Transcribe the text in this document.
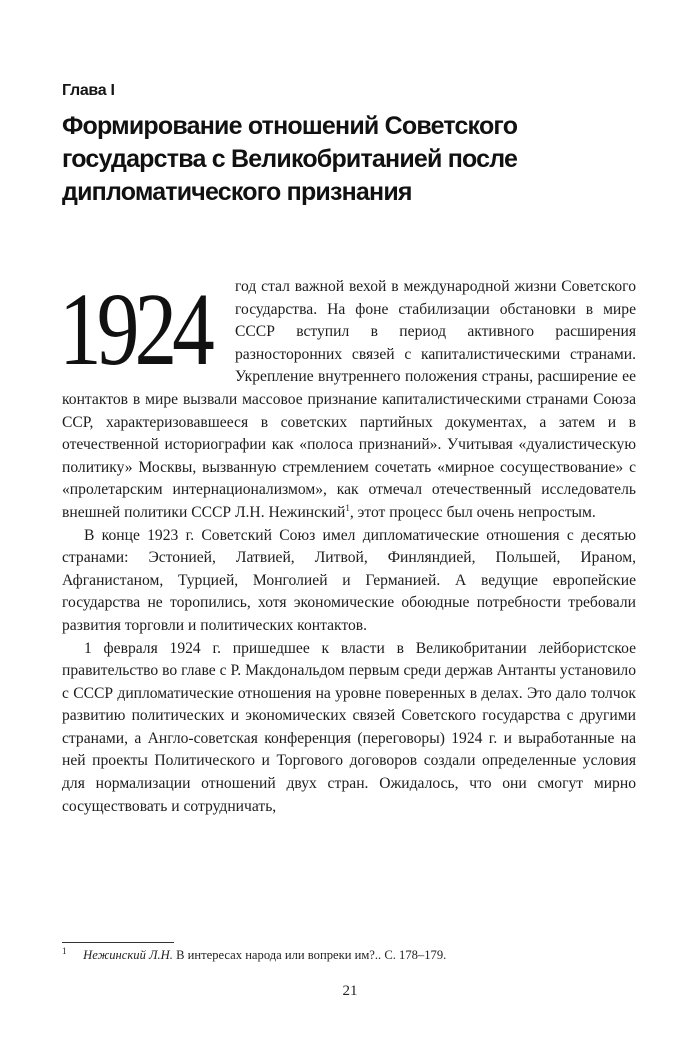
Глава I
Формирование отношений Советского государства с Великобританией после дипломатического признания

1924 год стал важной вехой в международной жизни Советского государства. На фоне стабилизации обстановки в мире СССР вступил в период активного расширения разносторонних связей с капиталистическими странами. Укрепление внутреннего положения страны, расширение ее контактов в мире вызвали массовое признание капиталистическими странами Союза ССР, характеризовавшееся в советских партийных документах, а затем и в отечественной историографии как «полоса признаний». Учитывая «дуалистическую политику» Москвы, вызванную стремлением сочетать «мирное сосуществование» с «пролетарским интернационализмом», как отмечал отечественный исследователь внешней политики СССР Л.Н. Нежинский$^1$, этот процесс был очень непростым.

В конце 1923 г. Советский Союз имел дипломатические отношения с десятью странами: Эстонией, Латвией, Литвой, Финляндией, Польшей, Ираном, Афганистаном, Турцией, Монголией и Германией. А ведущие европейские государства не торопились, хотя экономические обоюдные потребности требовали развития торговли и политических контактов.

1 февраля 1924 г. пришедшее к власти в Великобритании лейбористское правительство во главе с Р. Макдональдом первым среди держав Антанты установило с СССР дипломатические отношения на уровне поверенных в делах. Это дало толчок развитию политических и экономических связей Советского государства с другими странами, а Англо-советская конференция (переговоры) 1924 г. и выработанные на ней проекты Политического и Торгового договоров создали определенные условия для нормализации отношений двух стран. Ожидалось, что они смогут мирно сосуществовать и сотрудничать,

1 Нежинский Л.Н. В интересах народа или вопреки им?.. С. 178–179.
21
